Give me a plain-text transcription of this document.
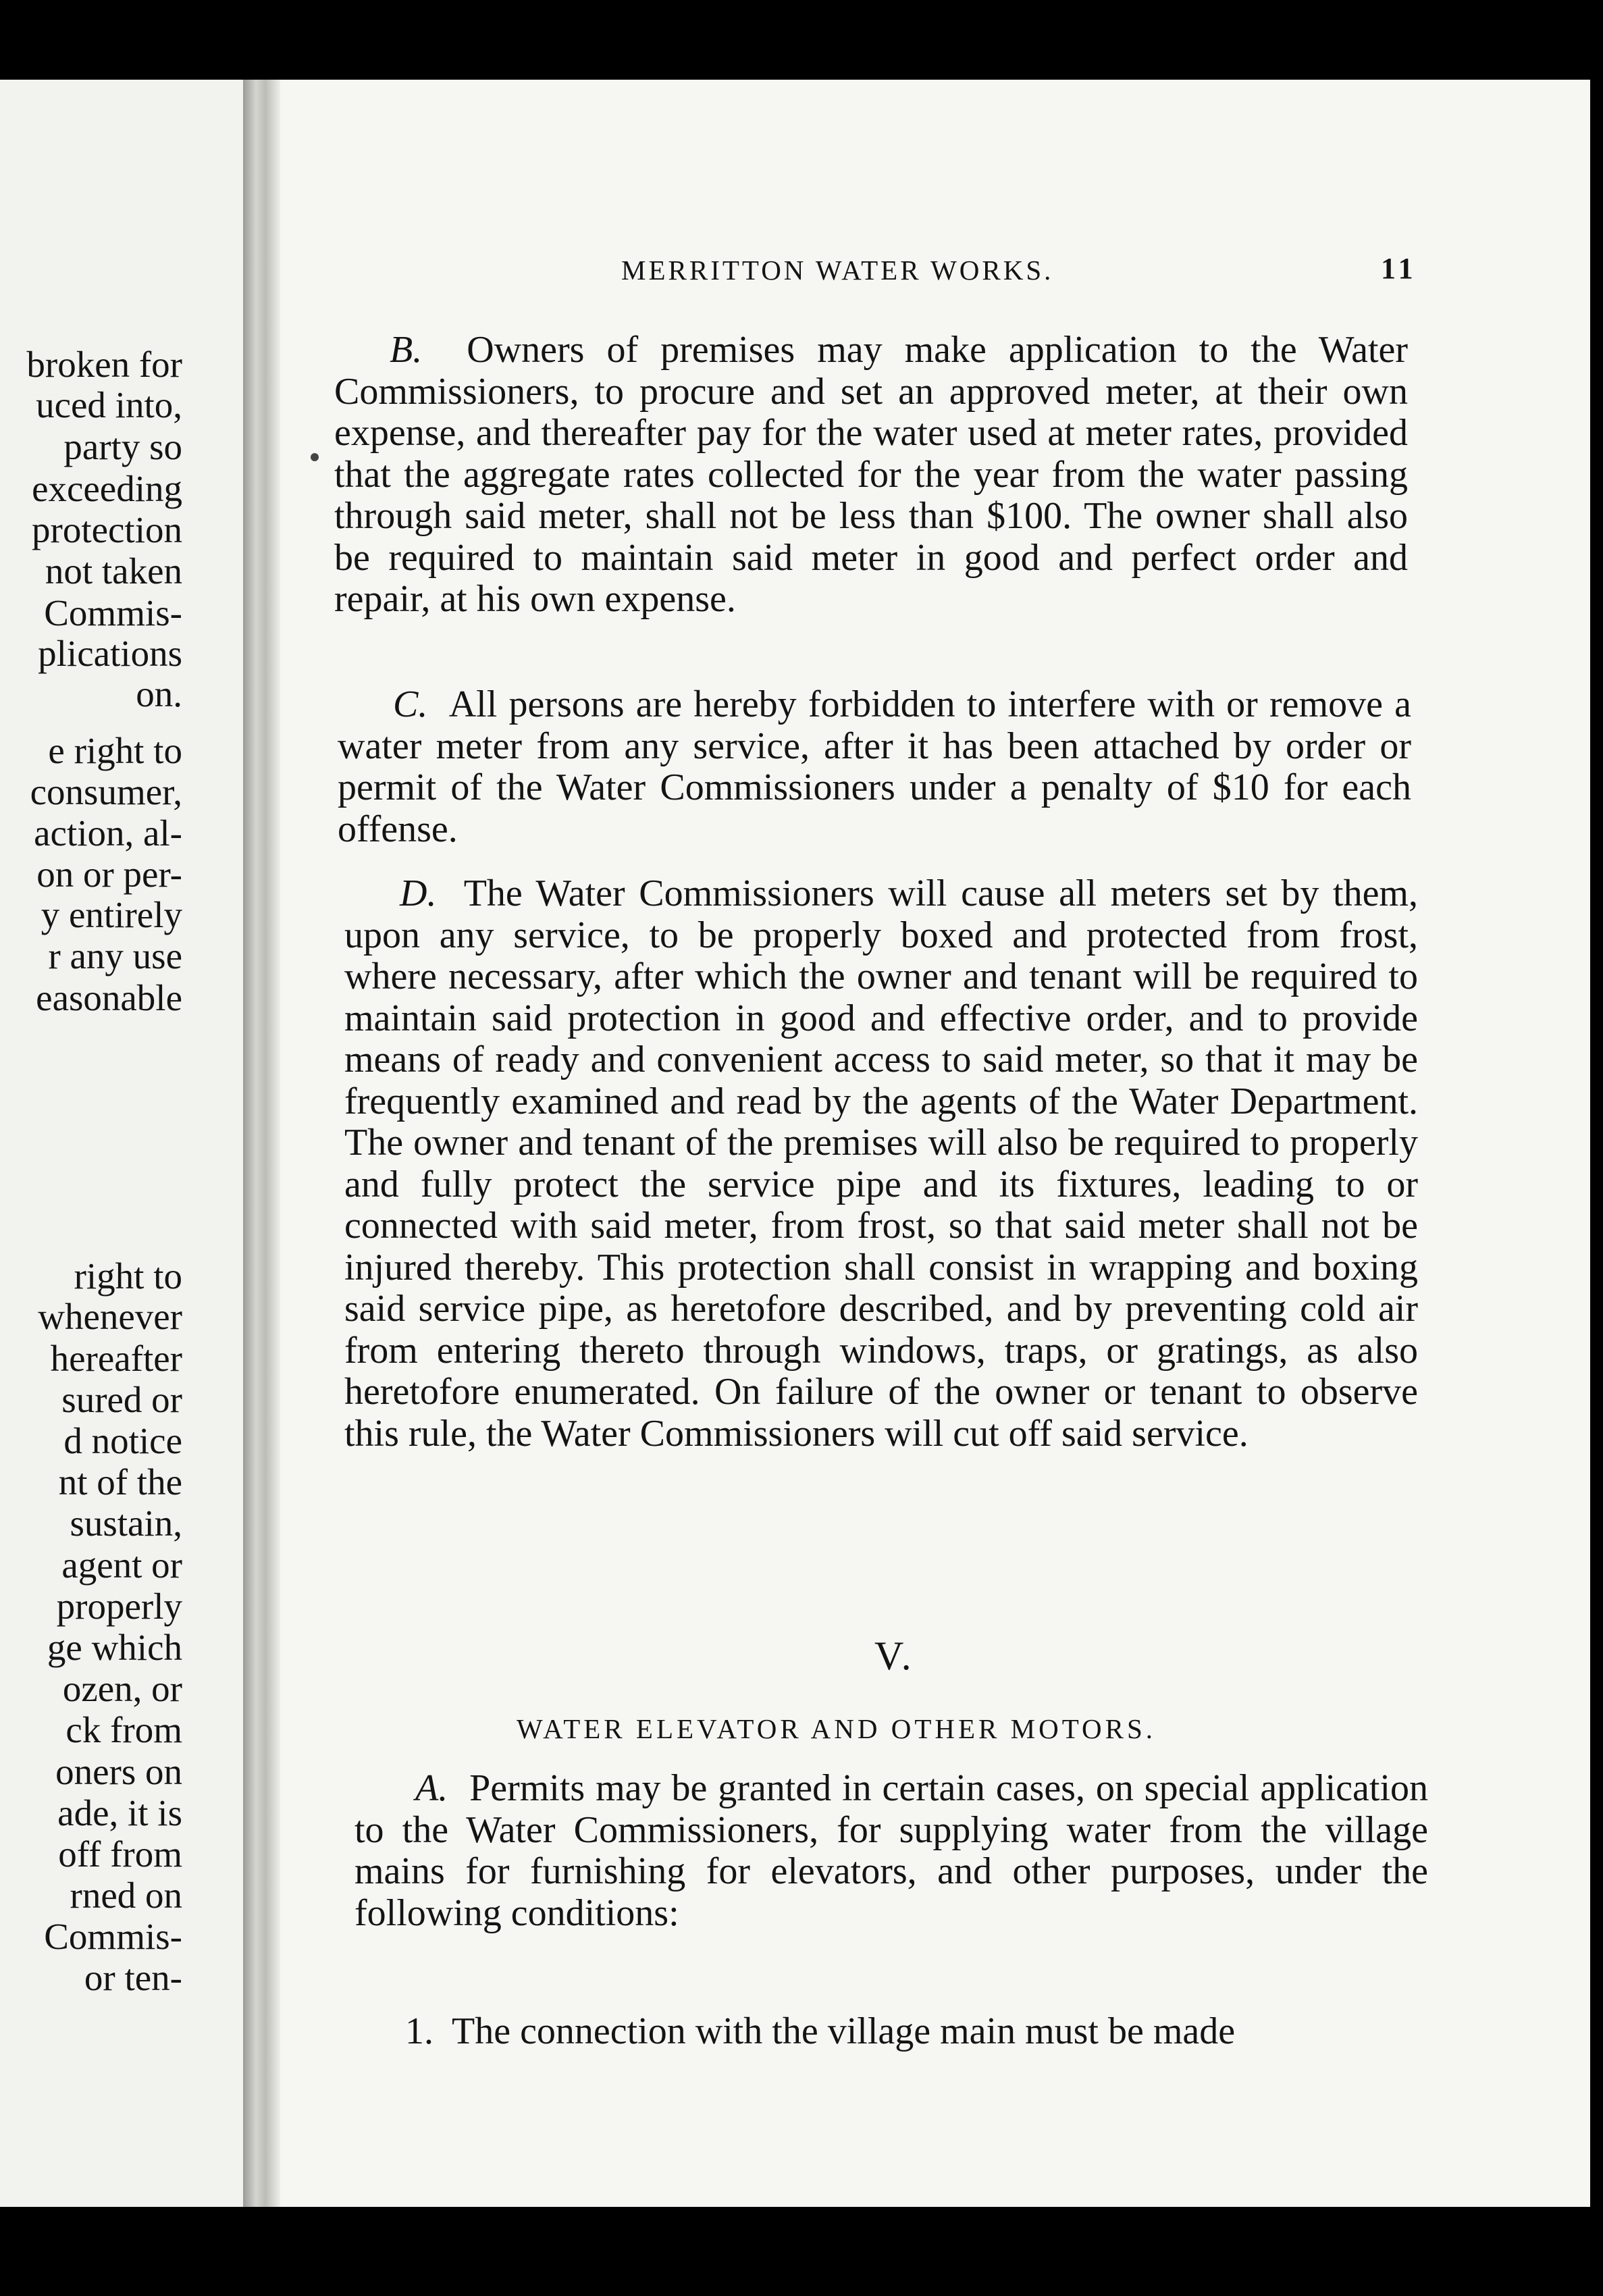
broken for
uced into,
party so
exceeding
protection
not taken
Commis-
plications
on.
e right to
consumer,
action, al-
on or per-
y entirely
r any use
easonable
right to
whenever
hereafter
sured or
d notice
nt of the
sustain,
agent or
properly
ge which
ozen, or
ck from
oners on
ade, it is
off from
rned on
Commis-
or ten-
MERRITTON WATER WORKS.	11

B. Owners of premises may make application to the Water Commissioners, to procure and set an approved meter, at their own expense, and thereafter pay for the water used at meter rates, provided that the aggregate rates collected for the year from the water passing through said meter, shall not be less than $100. The owner shall also be required to maintain said meter in good and perfect order and repair, at his own expense.

C. All persons are hereby forbidden to interfere with or remove a water meter from any service, after it has been attached by order or permit of the Water Commissioners under a penalty of $10 for each offense.

D. The Water Commissioners will cause all meters set by them, upon any service, to be properly boxed and protected from frost, where necessary, after which the owner and tenant will be required to maintain said protection in good and effective order, and to provide means of ready and convenient access to said meter, so that it may be frequently examined and read by the agents of the Water Department. The owner and tenant of the premises will also be required to properly and fully protect the service pipe and its fixtures, leading to or connected with said meter, from frost, so that said meter shall not be injured thereby. This protection shall consist in wrapping and boxing said service pipe, as heretofore described, and by preventing cold air from entering thereto through windows, traps, or gratings, as also heretofore enumerated. On failure of the owner or tenant to observe this rule, the Water Commissioners will cut off said service.

V.
WATER ELEVATOR AND OTHER MOTORS.

A. Permits may be granted in certain cases, on special application to the Water Commissioners, for supplying water from the village mains for furnishing for elevators, and other purposes, under the following conditions:

1. The connection with the village main must be made
